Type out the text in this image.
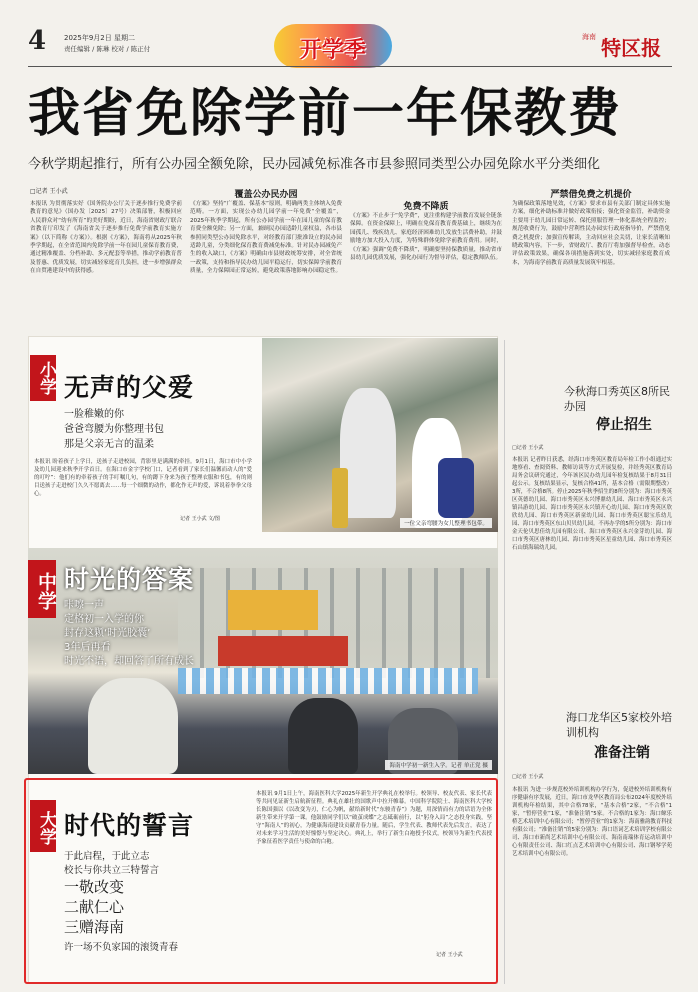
4	2025年9月2日 星期二
责任编辑 / 陈琳 校对 / 陈正付	开学季	$^{海南}$ 特区报
我省免除学前一年保教费
今秋学期起推行，所有公办园全额免除，民办园减免标准各市县参照同类型公办园免除水平分类细化
□记者 王小武
本报讯 为贯彻落实好《国务院办公厅关于逐步推行免费学前教育的意见》（国办发〔2025〕27号）决策部署，积极回应人民群众对“幼有所育”的美好期盼，近日，海南省财政厅联合省教育厅印发了《海南省关于逐步推行免费学前教育实施方案》（以下简称《方案》）。根据《方案》，海南将从2025年秋季学期起，在全省范围内免除学前一年在园儿童保育教育费，通过精准覆盖、分档补助、多元配套等举措，推动学前教育普及普惠、优质发展，切实减轻家庭育儿负担，进一步增强群众在自贸港建设中的获得感。
覆盖公办民办园
《方案》坚持“广覆盖、保基本”原则，明确两类主体纳入免费范畴。一方面，实现公办幼儿园学前一年免费“全覆盖”，2025年秋季学期起，所有公办园学前一年在园儿童的保育教育费全额免除；另一方面，兼顾民办园适龄儿童权益，各市县参照同类型公办园免除水平，对经教育部门批准设立的民办园适龄儿童，分类细化保育教育费减免标准。针对民办园减免产生的收入缺口，《方案》明确由市县财政统筹安排，对全省统一政策，支持和指导民办幼儿园平稳运行，切实保障学前教育质量，全力保障园正常运转，避免政策落地影响办园稳定性。
免费不降质
《方案》不止步于“免学费”，更注重构建学前教育发展全链条保障。在资金保障上，明确在免保育教育费基础上，继续为在园孤儿、残疾幼儿、家庭经济困难幼儿发放生活费补助，并鼓励地方加大投入力度，为特殊群体免除学前教育费用。同时，《方案》强调“免费不降质”，明确要坚持保教质量，推动省市县幼儿园优质发展，强化办园行为督导评估，稳定教师队伍。
严禁借免费之机提价
为确保政策落地见效，《方案》要求市县有关部门制定具体实施方案，细化补助标准并做好政策衔接；强化资金监管，补助资金主要用于幼儿园日常运转、保托照服管理一体化系统全程监控；规范收费行为，鼓励中营利性民办园实行政府指导价，严禁借免费之机提价；加强宣传解读，主动回应社会关切，让家长清晰知晓政策内容。下一步，省财政厅、教育厅将加强督导检查，动态评估政策效果，确保各项措施落到实处，切实减轻家庭教育成本，为海南学前教育高质量发展筑牢根基。
小学 无声的父爱
一脸稚嫩的你
爸爸弯腰为你整理书包
那是父亲无言的温柔
本报讯 盼着孩子上学日，送孩子走进校园，背影里是满满的牵挂。9月1日，海口市中小学及幼儿园迎来秋季开学首日。在海口市金宇学校门口，记者看到了家长们温馨而动人的“爱的叮咛”：他们有的牵着孩子的手叮嘱几句，有的蹲下身来为孩子整理衣服和书包，有的则目送孩子走进校门久久不愿离去……每一个细微的动作，都化作无声的爱，诉说着拳拳父母心。
记者 王小武 文/图
一位父亲弯腰为女儿整理书包带。
海南中学初一新生入学。记者 单正党 摄
中学 时光的答案
咔嚓一声
定格初一入学的你
封存这颗‘时光胶囊’
3年后再看
时光不语，却回答了所有成长
大学 时代的誓言
于此启程，于此立志
校长与你共立三特誓言
一敬改变
二献仁心
三赠海南
许一场不负家国的滚烫青春
本报讯 9月1日上午，海南医科大学2025年新生开学典礼在校举行。校领导、校友代表、家长代表等共同见证新生启航新征程。典礼在雄壮的国歌声中拉开帷幕。中国科学院院士、海南医科大学校长陈国强以《以改变为刃，仁心为帆，献给新时代“东骏青春”》为题，用深情而有力的话语为全体新生带来开学第一课。他鼓励同学们以“破茧成蝶”之志砥砺前行，以“躬身入局”之态投身实践，坚守“海南人”的初心，为健康海南建设贡献青春力量。随后，学生代表、教师代表先后发言，表达了对未来学习生活的美好憧憬与坚定决心。典礼上，举行了新生白袍授予仪式，校领导为新生代表授予象征着医学责任与使命的白袍。
记者 王小武
今秋海口秀英区8所民办园
停止招生
□记者 王小武
本报讯 记者昨日获悉，经海口市秀英区教育局年检工作小组通过实地察看、查阅资料、教师访谈等方式开展复检，并经秀英区教育局局务会议研究通过，今年该区民办幼儿园年检复核结果于8月31日起公示。复核结果显示，复核合格41所，基本合格（需限期整改）3所，不合格8所。停止2025年秋季招生的8所分别为：海口市秀英区英德幼儿园、海口市秀英区永兴博鼎幼儿园、海口市秀英区永兴镇昌游幼儿园、海口市秀英区永兴镇开心幼儿园、海口市秀英区欣欣幼儿园、海口市秀英区新童幼儿园、海口市秀英区聪宝乐幼儿园、海口市秀英区东山贝贝幼儿园。不再办学的5所分别为：海口市金天伦贝思佳幼儿园有限公司、海口市秀英区永兴金芽幼儿园、海口市秀英区唐林幼儿园、海口市秀英区星童幼儿园、海口市秀英区石山镇海瑞幼儿园。
海口龙华区5家校外培训机构
准备注销
□记者 王小武
本报讯 为进一步规范校外培训机构办学行为，促进校外培训机构有序健康有序发展，近日，海口市龙华区教育局公布2024年度校外培训机构年检结果，其中合格78家，“基本合格”2家，“不合格”1家，“暂停营业”1家，“准备注销”5家。不合格的1家为：海口鲸乐桥艺术培训中心有限公司；“暂停营业”的1家为：海南雅韵教育科技有限公司；“准备注销”的5家分别为：海口语词艺术培训学校有限公司、海口市新尚艺术培训中心有限公司、海南南瑞体育运动培训中心有限责任公司、海口红点艺术培训中心有限公司、海口钢琴学苑艺术培训中心有限公司。
